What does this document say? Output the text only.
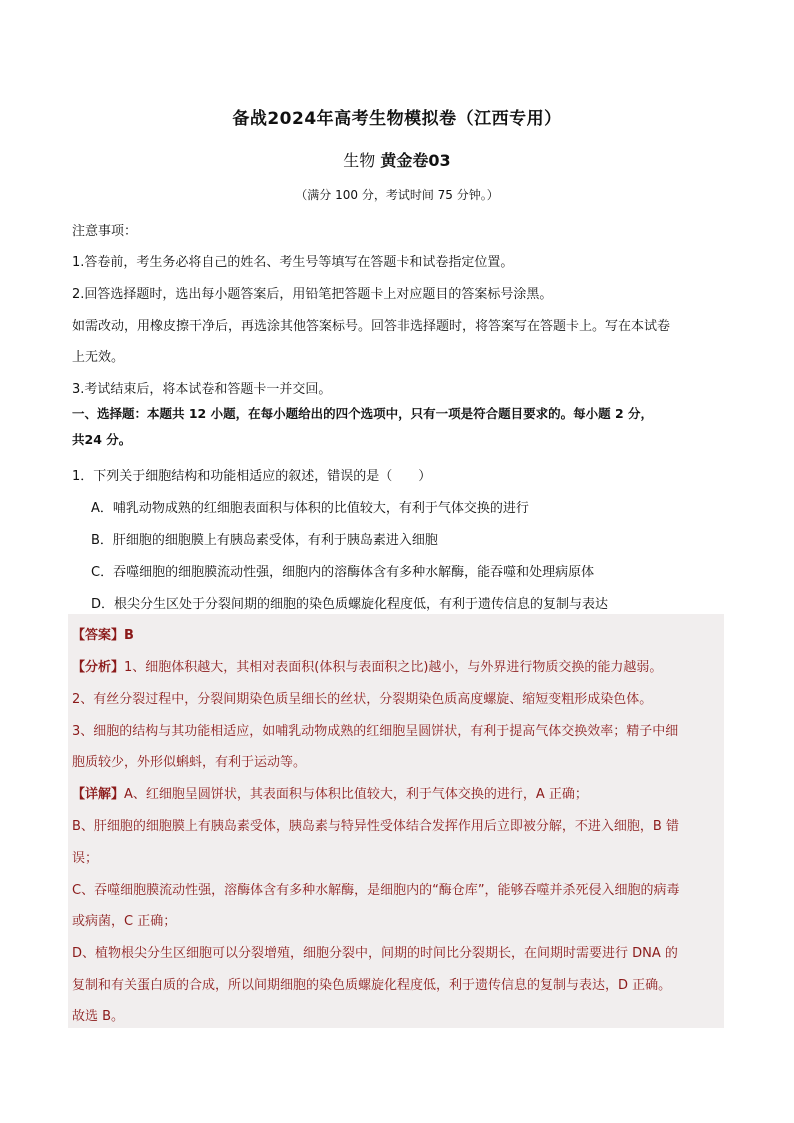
备战2024年高考生物模拟卷（江西专用）
生物 黄金卷03
（满分 100 分，考试时间 75 分钟。）
注意事项：
1.答卷前，考生务必将自己的姓名、考生号等填写在答题卡和试卷指定位置。
2.回答选择题时，选出每小题答案后，用铅笔把答题卡上对应题目的答案标号涂黑。
如需改动，用橡皮擦干净后，再选涂其他答案标号。回答非选择题时，将答案写在答题卡上。写在本试卷
上无效。
3.考试结束后，将本试卷和答题卡一并交回。
一、选择题：本题共 12 小题，在每小题给出的四个选项中，只有一项是符合题目要求的。每小题 2 分，
共24 分。
1．下列关于细胞结构和功能相适应的叙述，错误的是（　　）
A．哺乳动物成熟的红细胞表面积与体积的比值较大，有利于气体交换的进行
B．肝细胞的细胞膜上有胰岛素受体，有利于胰岛素进入细胞
C．吞噬细胞的细胞膜流动性强，细胞内的溶酶体含有多种水解酶，能吞噬和处理病原体
D．根尖分生区处于分裂间期的细胞的染色质螺旋化程度低，有利于遗传信息的复制与表达
【答案】B
【分析】1、细胞体积越大，其相对表面积(体积与表面积之比)越小，与外界进行物质交换的能力越弱。
2、有丝分裂过程中，分裂间期染色质呈细长的丝状，分裂期染色质高度螺旋、缩短变粗形成染色体。
3、细胞的结构与其功能相适应，如哺乳动物成熟的红细胞呈圆饼状，有利于提高气体交换效率；精子中细
胞质较少，外形似蝌蚪，有利于运动等。
【详解】A、红细胞呈圆饼状，其表面积与体积比值较大，利于气体交换的进行，A 正确；
B、肝细胞的细胞膜上有胰岛素受体，胰岛素与特异性受体结合发挥作用后立即被分解，不进入细胞，B 错
误；
C、吞噬细胞膜流动性强，溶酶体含有多种水解酶，是细胞内的“酶仓库”，能够吞噬并杀死侵入细胞的病毒
或病菌，C 正确；
D、植物根尖分生区细胞可以分裂增殖，细胞分裂中，间期的时间比分裂期长，在间期时需要进行 DNA 的
复制和有关蛋白质的合成，所以间期细胞的染色质螺旋化程度低，利于遗传信息的复制与表达，D 正确。
故选 B。
